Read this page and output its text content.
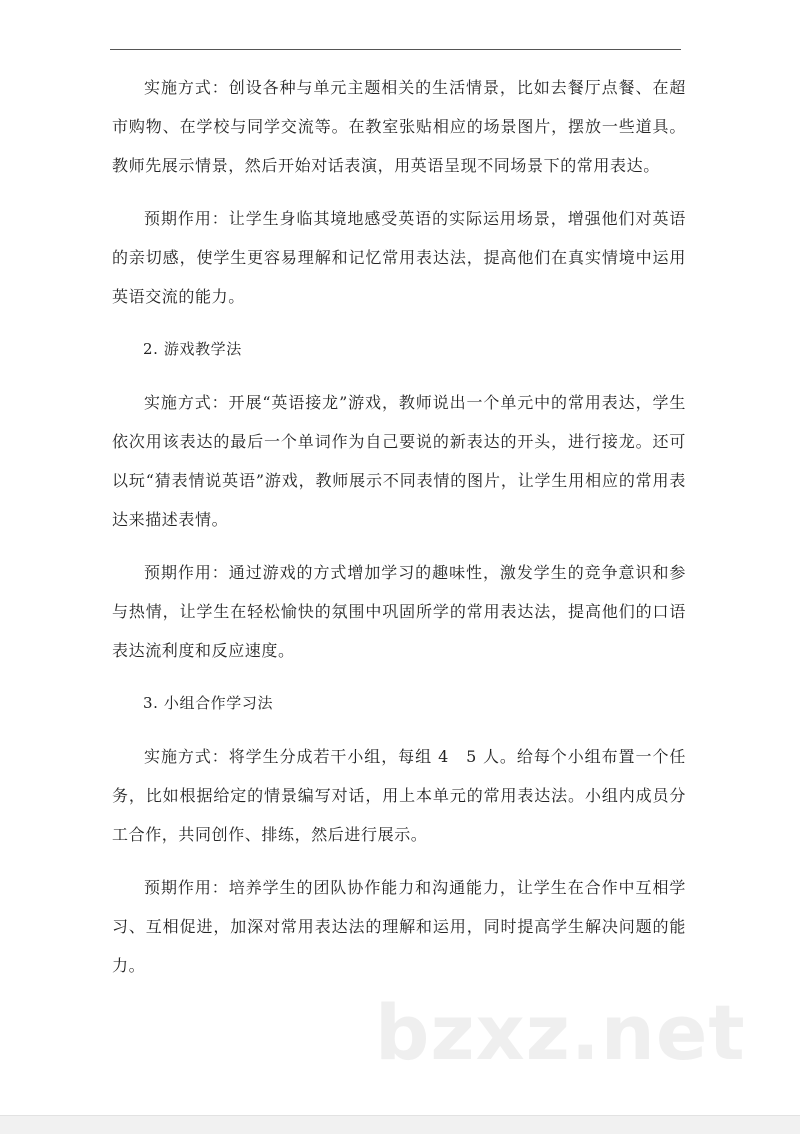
实施方式：创设各种与单元主题相关的生活情景，比如去餐厅点餐、在超市购物、在学校与同学交流等。在教室张贴相应的场景图片，摆放一些道具。教师先展示情景，然后开始对话表演，用英语呈现不同场景下的常用表达。

预期作用：让学生身临其境地感受英语的实际运用场景，增强他们对英语的亲切感，使学生更容易理解和记忆常用表达法，提高他们在真实情境中运用英语交流的能力。

2. 游戏教学法

实施方式：开展“英语接龙”游戏，教师说出一个单元中的常用表达，学生依次用该表达的最后一个单词作为自己要说的新表达的开头，进行接龙。还可以玩“猜表情说英语”游戏，教师展示不同表情的图片，让学生用相应的常用表达来描述表情。

预期作用：通过游戏的方式增加学习的趣味性，激发学生的竞争意识和参与热情，让学生在轻松愉快的氛围中巩固所学的常用表达法，提高他们的口语表达流利度和反应速度。

3. 小组合作学习法

实施方式：将学生分成若干小组，每组 4　5 人。给每个小组布置一个任务，比如根据给定的情景编写对话，用上本单元的常用表达法。小组内成员分工合作，共同创作、排练，然后进行展示。

预期作用：培养学生的团队协作能力和沟通能力，让学生在合作中互相学习、互相促进，加深对常用表达法的理解和运用，同时提高学生解决问题的能力。

bzxz.net
